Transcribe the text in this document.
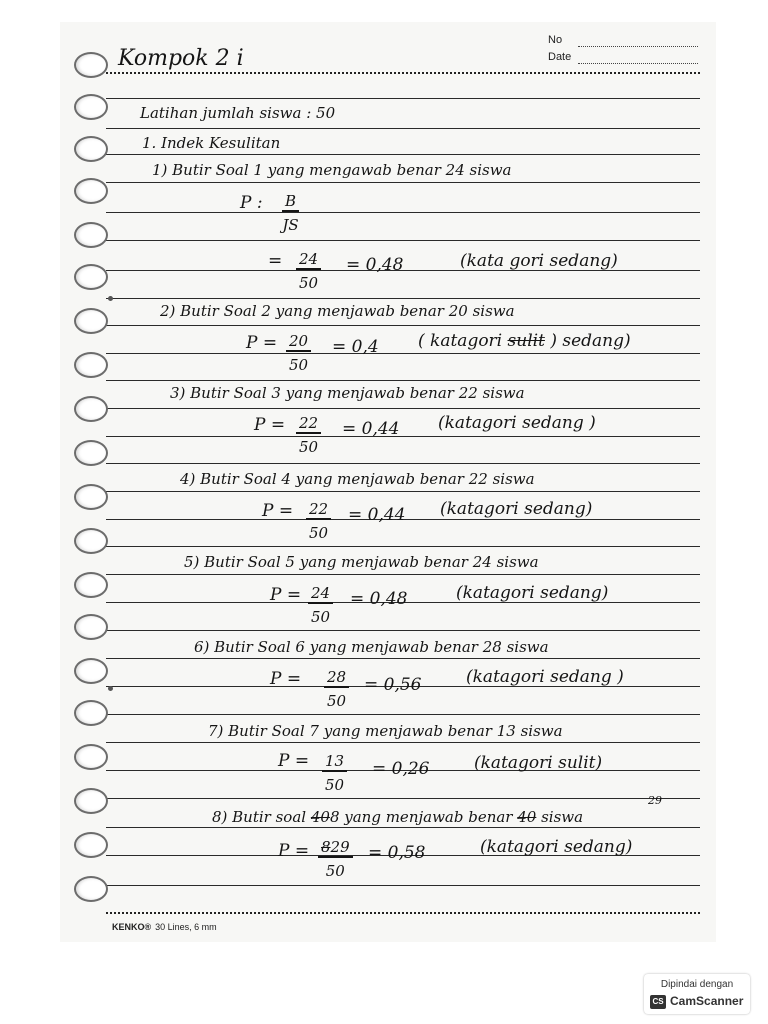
No
Date
Kompok 2 i
Latihan jumlah siswa : 50
1. Indek Kesulitan
1) Butir Soal 1 yang mengawab benar 24 siswa
P : $\frac{B}{JS}$
= $\frac{24}{50} = 0,48$	(kata gori sedang)
2) Butir Soal 2 yang menjawab benar 20 siswa
$P = \frac{20}{50} = 0,4$ ( katagori sulit ) sedang)
3) Butir Soal 3 yang menjawab benar 22 siswa
$P = \frac{22}{50} = 0,44$ (katagori sedang )
4) Butir Soal 4 yang menjawab benar 22 siswa
$P = \frac{22}{50} = 0,44$ (katagori sedang)
5) Butir Soal 5 yang menjawab benar 24 siswa
$P = \frac{24}{50} = 0,48$	(katagori sedang)
6) Butir Soal 6 yang menjawab benar 28 siswa
$P = \frac{28}{50} = 0,56$	(katagori sedang )
7) Butir Soal 7 yang menjawab benar 13 siswa
$P = \frac{13}{50} = 0,26$	(katagori sulit)
8) Butir soal 408 yang menjawab benar 40 siswa
29
$P = \frac{829}{50} = 0,58$	(katagori sedang)
KENKO® 30 Lines, 6 mm
Dipindai dengan
CS CamScanner
